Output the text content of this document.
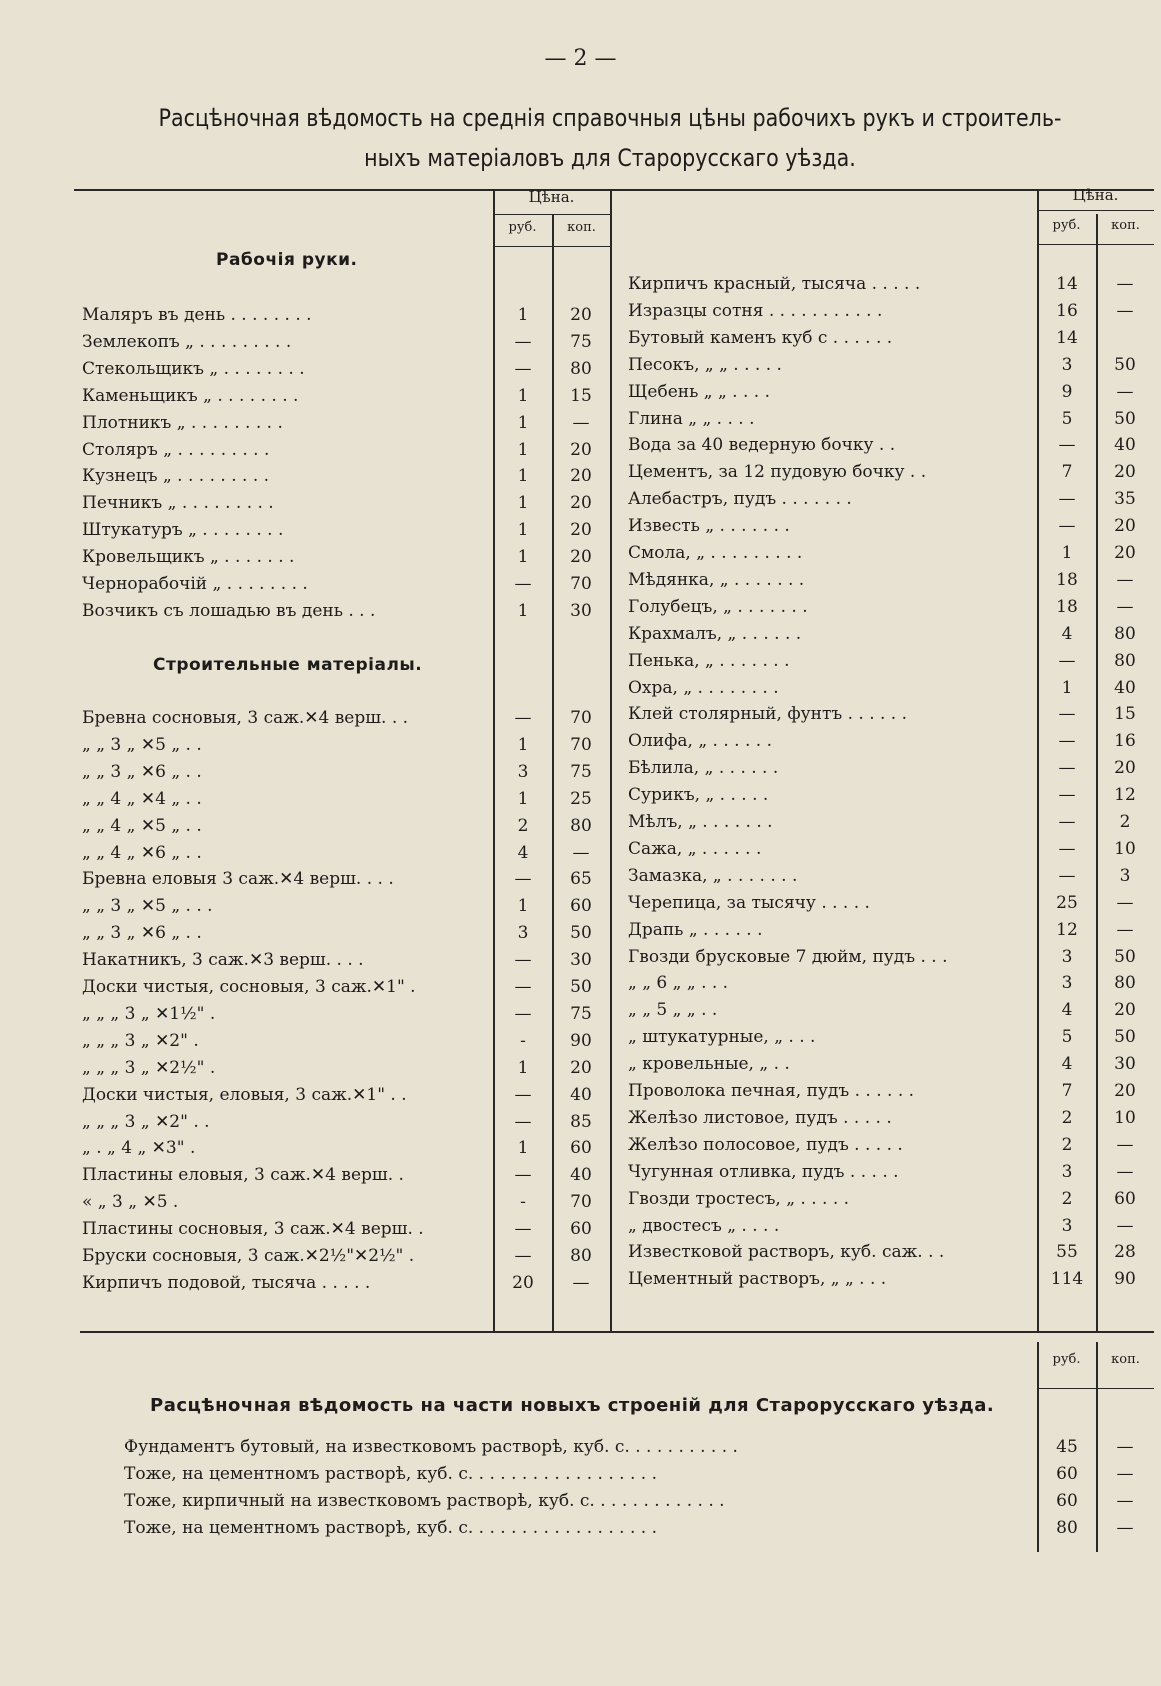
— 2 —
Расцѣночная вѣдомость на среднія справочныя цѣны рабочихъ рукъ и строитель-
ныхъ матеріаловъ для Старорусскаго уѣзда.
Цѣна.
руб.	коп.
Цѣна.
руб.	коп.
руб.	коп.
Рабочія руки.
Строительные матеріалы.
Маляръ въ день . . . . . . . .	1	20
Землекопъ „ . . . . . . . . .	—	75
Стекольщикъ „ . . . . . . . .	—	80
Каменьщикъ „ . . . . . . . .	1	15
Плотникъ „ . . . . . . . . .	1	—
Столяръ „ . . . . . . . . .	1	20
Кузнецъ „ . . . . . . . . .	1	20
Печникъ „ . . . . . . . . .	1	20
Штукатуръ „ . . . . . . . .	1	20
Кровельщикъ „ . . . . . . .	1	20
Чернорабочій „ . . . . . . . .	—	70
Возчикъ съ лошадью въ день . . .	1	30
Бревна сосновыя, 3 саж.✕4 верш. . .	—	70
„ „ 3 „ ✕5 „ . .	1	70
„ „ 3 „ ✕6 „ . .	3	75
„ „ 4 „ ✕4 „ . .	1	25
„ „ 4 „ ✕5 „ . .	2	80
„ „ 4 „ ✕6 „ . .	4	—
Бревна еловыя 3 саж.✕4 верш. . . .	—	65
„ „ 3 „ ✕5 „ . . .	1	60
„ „ 3 „ ✕6 „ . .	3	50
Накатникъ, 3 саж.✕3 верш. . . .	—	30
Доски чистыя, сосновыя, 3 саж.✕1" .	—	50
„ „ „ 3 „ ✕1½" .	—	75
„ „ „ 3 „ ✕2" .	-	90
„ „ „ 3 „ ✕2½" .	1	20
Доски чистыя, еловыя, 3 саж.✕1" . .	—	40
„ „ „ 3 „ ✕2" . .	—	85
„ . „ 4 „ ✕3" .	1	60
Пластины еловыя, 3 саж.✕4 верш. .	—	40
« „ 3 „ ✕5 .	-	70
Пластины сосновыя, 3 саж.✕4 верш. .	—	60
Бруски сосновыя, 3 саж.✕2½"✕2½" .	—	80
Кирпичъ подовой, тысяча . . . . .	20	—
Кирпичъ красный, тысяча . . . . .	14	—
Изразцы сотня . . . . . . . . . . .	16	—
Бутовый каменъ куб с . . . . . .	14
Песокъ, „ „ . . . . .	3	50
Щебень „ „ . . . .	9	—
Глина „ „ . . . .	5	50
Вода за 40 ведерную бочку . .	—	40
Цементъ, за 12 пудовую бочку . .	7	20
Алебастръ, пудъ . . . . . . .	—	35
Известь „ . . . . . . .	—	20
Смола, „ . . . . . . . . .	1	20
Мѣдянка, „ . . . . . . .	18	—
Голубецъ, „ . . . . . . .	18	—
Крахмалъ, „ . . . . . .	4	80
Пенька, „ . . . . . . .	—	80
Охра, „ . . . . . . . .	1	40
Клей столярный, фунтъ . . . . . .	—	15
Олифа, „ . . . . . .	—	16
Бѣлила, „ . . . . . .	—	20
Сурикъ, „ . . . . .	—	12
Мѣлъ, „ . . . . . . .	—	2
Сажа, „ . . . . . .	—	10
Замазка, „ . . . . . . .	—	3
Черепица, за тысячу . . . . .	25	—
Драпь „ . . . . . .	12	—
Гвозди брусковые 7 дюйм, пудъ . . .	3	50
„ „ 6 „ „ . . .	3	80
„ „ 5 „ „ . .	4	20
„ штукатурные, „ . . .	5	50
„ кровельные, „ . .	4	30
Проволока печная, пудъ . . . . . .	7	20
Желѣзо листовое, пудъ . . . . .	2	10
Желѣзо полосовое, пудъ . . . . .	2	—
Чугунная отливка, пудъ . . . . .	3	—
Гвозди тростесъ, „ . . . . .	2	60
„ двостесъ „ . . . .	3	—
Известковой растворъ, куб. саж. . .	55	28
Цементный растворъ, „ „ . . .	114	90
Расцѣночная вѣдомость на части новыхъ строеній для Старорусскаго уѣзда.
Фундаментъ бутовый, на известковомъ растворѣ, куб. с. . . . . . . . . . .	45	—
Тоже, на цементномъ растворѣ, куб. с. . . . . . . . . . . . . . . . . .	60	—
Тоже, кирпичный на известковомъ растворѣ, куб. с. . . . . . . . . . . . .	60	—
Тоже, на цементномъ растворѣ, куб. с. . . . . . . . . . . . . . . . . .	80	—
